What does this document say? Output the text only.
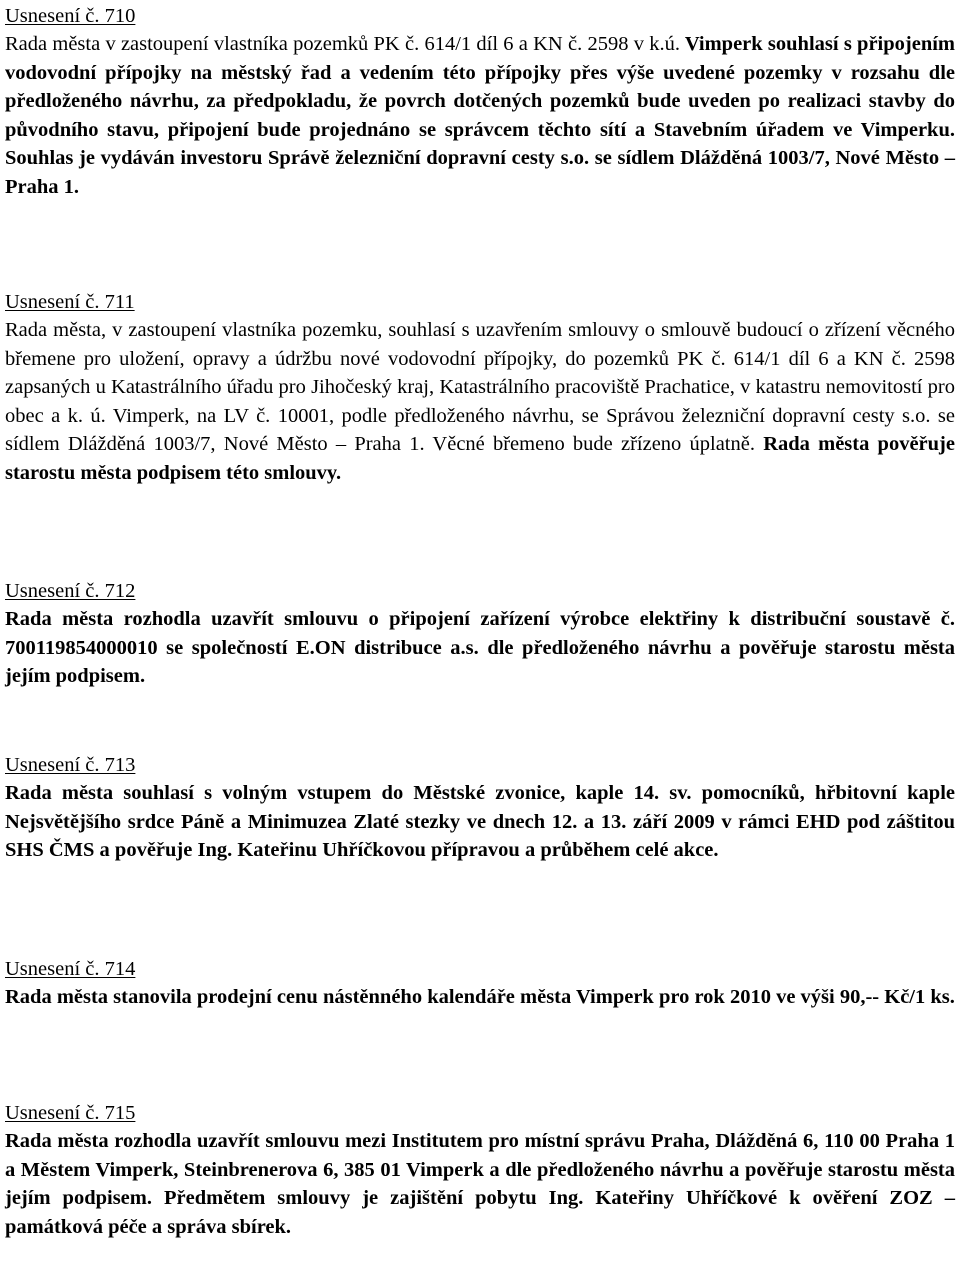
Usnesení č. 710

Rada města v zastoupení vlastníka pozemků PK č. 614/1 díl 6 a KN č. 2598 v k.ú. Vimperk souhlasí s připojením vodovodní přípojky na městský řad a vedením této přípojky přes výše uvedené pozemky v rozsahu dle předloženého návrhu, za předpokladu, že povrch dotčených pozemků bude uveden po realizaci stavby do původního stavu, připojení bude projednáno se správcem těchto sítí a Stavebním úřadem ve Vimperku. Souhlas je vydáván investoru Správě železniční dopravní cesty s.o. se sídlem Dlážděná 1003/7, Nové Město – Praha 1.

Usnesení č. 711

Rada města, v zastoupení vlastníka pozemku, souhlasí s uzavřením smlouvy o smlouvě budoucí o zřízení věcného břemene pro uložení, opravy a údržbu nové vodovodní přípojky, do pozemků PK č. 614/1 díl 6 a KN č. 2598 zapsaných u Katastrálního úřadu pro Jihočeský kraj, Katastrálního pracoviště Prachatice, v katastru nemovitostí pro obec a k. ú. Vimperk, na LV č. 10001, podle předloženého návrhu, se Správou železniční dopravní cesty s.o. se sídlem Dlážděná 1003/7, Nové Město – Praha 1. Věcné břemeno bude zřízeno úplatně. Rada města pověřuje starostu města podpisem této smlouvy.

Usnesení č. 712

Rada města rozhodla uzavřít smlouvu o připojení zařízení výrobce elektřiny k distribuční soustavě č. 700119854000010 se společností E.ON distribuce a.s. dle předloženého návrhu a pověřuje starostu města jejím podpisem.

Usnesení č. 713

Rada města souhlasí s volným vstupem do Městské zvonice, kaple 14. sv. pomocníků, hřbitovní kaple Nejsvětějšího srdce Páně a Minimuzea Zlaté stezky ve dnech 12. a 13. září 2009 v rámci EHD pod záštitou SHS ČMS a pověřuje Ing. Kateřinu Uhříčkovou přípravou a průběhem celé akce.

Usnesení č. 714

Rada města stanovila prodejní cenu nástěnného kalendáře města Vimperk pro rok 2010 ve výši 90,-- Kč/1 ks.

Usnesení č. 715

Rada města rozhodla uzavřít smlouvu mezi Institutem pro místní správu Praha, Dlážděná 6, 110 00 Praha 1 a Městem Vimperk, Steinbrenerova 6, 385 01 Vimperk a dle předloženého návrhu a pověřuje starostu města jejím podpisem. Předmětem smlouvy je zajištění pobytu Ing. Kateřiny Uhříčkové k ověření ZOZ – památková péče a správa sbírek.
